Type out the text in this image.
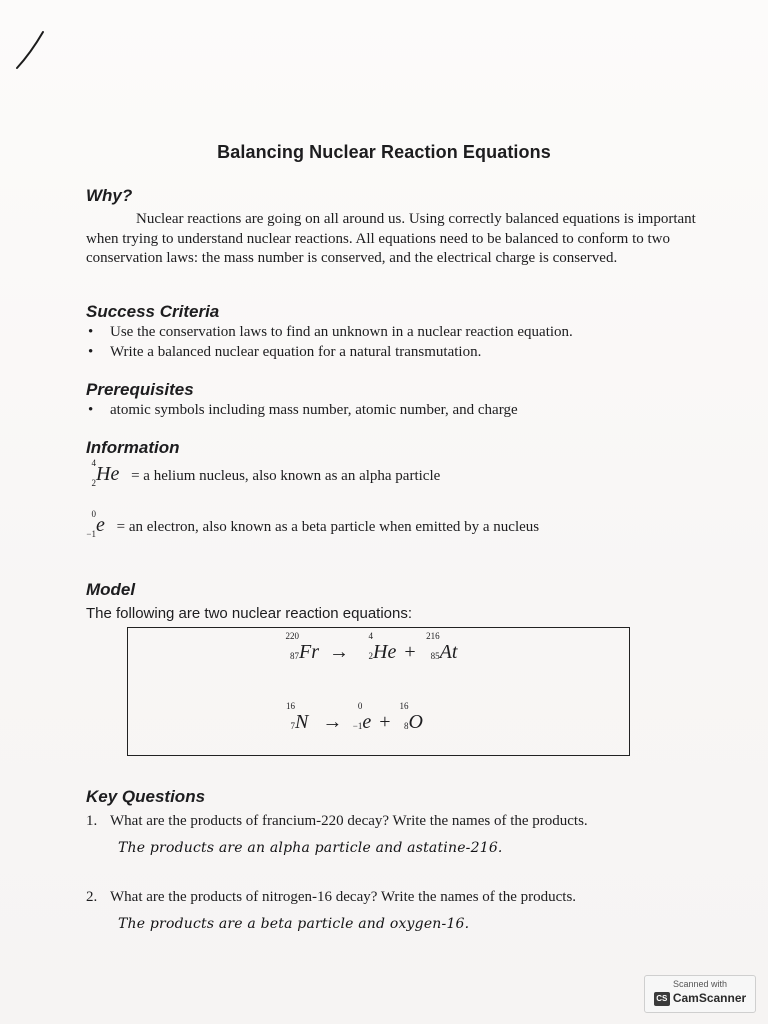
Balancing Nuclear Reaction Equations
Why?
Nuclear reactions are going on all around us. Using correctly balanced equations is important when trying to understand nuclear reactions. All equations need to be balanced to conform to two conservation laws: the mass number is conserved, and the electrical charge is conserved.
Success Criteria
• Use the conservation laws to find an unknown in a nuclear reaction equation.
• Write a balanced nuclear equation for a natural transmutation.
Prerequisites
• atomic symbols including mass number, atomic number, and charge
Information
4
2 He = a helium nucleus, also known as an alpha particle
0
−1 e = an electron, also known as a beta particle when emitted by a nucleus
Model
The following are two nuclear reaction equations:
220
87 Fr →
4
2 He +
216
85 At
16
7 N →
0
−1 e +
16
8 O
Key Questions
1. What are the products of francium-220 decay? Write the names of the products.
The products are an alpha particle and astatine-216.
2. What are the products of nitrogen-16 decay? Write the names of the products.
The products are a beta particle and oxygen-16.
Scanned with
CS CamScanner
